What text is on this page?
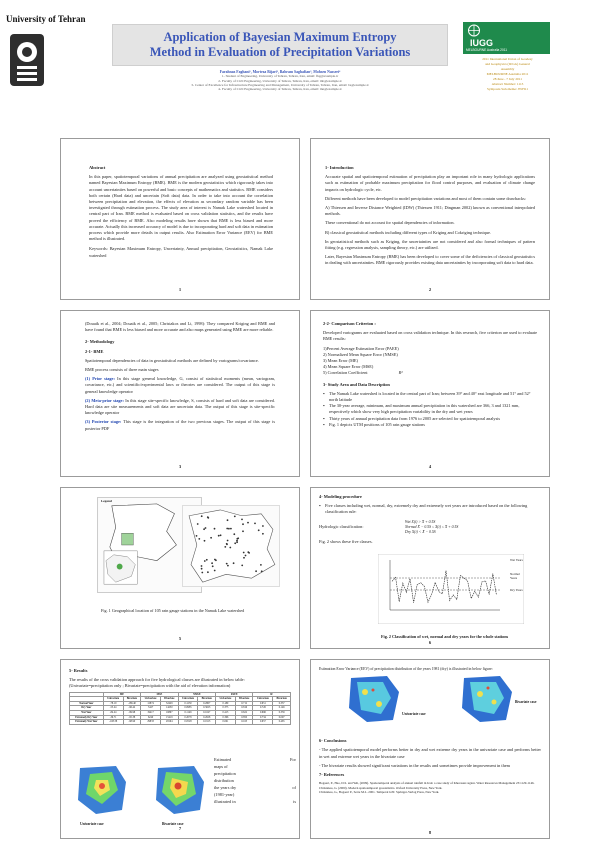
University of Tehran
Application of Bayesian Maximum Entropy
Method in Evaluation of Precipitation Variations
Farahnaz Faghani¹, Morteza Bijari², Bahram Saghafian³, Mohsen Nasseri⁴
1- Student of Engineering, University of Tehran, Tehran, Iran, email: fhg@example.ir
2- Faculty of Civil Engineering, University of Tehran, Tehran, Iran, email: mb@example.ir
3- Center of Excellence for Infrastructure Engineering and Management, University of Tehran, Tehran, Iran, email: bs@example.ir
4- Faculty of Civil Engineering, University of Tehran, Tehran, Iran, email: mn@example.ir
IUGG
MELBOURNE Australia 2011
2011 International Union of Geodesy
and Geophysics (IUGG) General
Assembly
MELBOURNE Australia 2011
28 June - 7 July 2011
Abstract Number: 1113
Symposia Sub-theme: JWH11
Abstract

In this paper, spatiotemporal variations of annual precipitation are analyzed using geostatistical method named Bayesian Maximum Entropy (BME). BME is the modern geostatistics which rigorously takes into account uncertainties based on powerful and basic concepts of mathematics and statistics. BME considers both certain (Hard data) and uncertain (Soft data) data. In order to take into account the correlation between precipitation and elevation, the effects of elevation as secondary random variable has been investigated through estimation process. The study area of interest is Namak Lake watershed located in central part of Iran. BME method is evaluated based on cross validation statistics, and the results have proved the efficiency of BME. Also modeling results have shown that BME is less biased and more accurate. Actually this increased accuracy of model is due to incorporating hard and soft data in estimation process which provide more details in output results. Also Estimation Error Variance (EEV) for BME method is illustrated.

Keywords: Bayesian Maximum Entropy, Uncertainty, Annual precipitation, Geostatistics, Namak Lake watershed

1
1- Introduction

Accurate spatial and spatiotemporal estimation of precipitation play an important role in many hydrologic applications such as estimation of probable maximum precipitation for flood control purposes, and evaluation of climate change impacts on hydrologic cycle, etc.

Different methods have been developed to model precipitation variations and most of them contain some drawbacks:

A) Thiessen and Inverse Distance Weighted (IDW) (Thiessen 1911; Dingman 2002) known as conventional interpolated methods.

These conventional do not account for spatial dependencies of information.

B) classical geostatistical methods including different types of Kriging and Cokriging technique.

In geostatistical methods such as Kriging, the uncertainties are not considered and also formal techniques of pattern fitting (e.g. regression analysis, sampling theory, etc.) are utilized.

Later, Bayesian Maximum Entropy (BME) has been developed to cover some of the deficiencies of classical geostatistics in dealing with uncertainties. BME rigorously provides existing data uncertainties by incorporating soft data to hard data.

2

(Douaik et al., 2004; Douaik et al., 2005; Christakos and Li, 1998): They compared Kriging and BME and have found that BME is less biased and more accurate and also maps generated using BME are more reliable.

2- Methodology
2-1- BME

Spatiotemporal dependencies of data in geostatistical methods are defined by variograms/covariance.

BME process consists of three main stages

(1) Prior stage: In this stage general knowledge, G, consist of statistical moments (mean, variogram, covariance, etc.) and scientific/experimental laws or theories are considered. The output of this stage is general knowledge operator

(2) Meta-prior stage: In this stage site-specific knowledge, S, consists of hard and soft data are considered. Hard data are site measurements and soft data are uncertain data. The output of this stage is site-specific knowledge operator

(3) Posterior stage: This stage is the integration of the two previous stages. The output of this stage is posterior PDF

3
2-2- Comparison Criterion :

Developed variograms are evaluated based on cross validation technique. In this research, five criterion are used to evaluate BME results:

1)Percent Average Estimation Error (PAEE)
2) Normalized Mean Square Error (NMSE)
3) Mean Error (ME)
4) Mean Square Error (MSE)
5) Correlation Coefficient	R²
3- Study Area and Data Description
▪ The Namak Lake watershed is located in the central part of Iran; between 39° and 40° east longitude and 51° and 52° north latitude
▪ The 30-year average, minimum, and maximum annual precipitation in this watershed are 366, 3 and 1321 mm, respectively which show very high precipitation variability in the dry and wet years
▪ Thirty years of annual precipitation data from 1976 to 2005 are selected for spatiotemporal analysis
▪ Fig. 1 depicts UTM positions of 105 rain gauge stations
4
5
Fig. 1 Geographical location of 105 rain gauge stations in the Namak Lake watershed
Legend
4- Modeling procedure
▪ Five classes including wet, normal, dry, extremely dry and extremely wet years are introduced based on the following classification rule:
Hydrologic classification:
Wet X(i) > X̄ + 0.5S
Normal X̄ − 0.5S ≤ X(i) ≤ X̄ + 0.5S
Dry X(i) < X̄ − 0.5S
Fig. 2 shows these five classes.
Fig. 2 Classification of wet, normal and dry years for the whole stations
6
Wet Years
Normal Years
Dry Years
5- Results
The results of the cross validation approach for five hydrological classes are illustrated in below table:
(Univariate=precipitation only ; Bivariate=precipitation with the aid of elevation information)
	ME		MSE		NMSE		PAEE		R²	
	Univariate	Bivariate	Univariate	Bivariate	Univariate	Bivariate	Univariate	Bivariate	Univariate	Bivariate
Normal Year	-78.19	-186.40	12874	32429	0.1230	0.2867	0.189	0.712	0.651	0.337
Dry Year	-55.24	-96.42	5427	14230	0.0985	0.3023	0.375	0.816	0.726	0.146
Wet Year	-84.24	-99.98	19417	16897	0.1146	0.1047	0.413	0.622	0.696	0.359
Extremely Dry Year	-39.71	-95.38	6240	15419	0.2079	0.2628	0.366	0.850	0.734	0.097
Extremely Wet Year	-108.38	-98.90	29833	28194	0.0528	0.1913	0.061	0.163	0.657	0.465
7
Estimated	For
maps of
precipitation
distribution
the years dry	of
(1981-year)
illustrated in	is
Univariate case	Bivariate case
Estimation Error Variance (EEV) of precipitation distribution of the years 1981 (dry) is illustrated in below figure:
6- Conclusions

- The applied spatiotemporal model performs better in dry and wet extreme dry years in the univariate case and performs better in wet and extreme wet years in the bivariate case

- The bivariate results showed significant variations in the results and sometimes provide improvement in them

7- References
Bogaert, P., Hao, D.S. and Yeh, (2009). Spatiotemporal analysis of annual rainfall in Iran: a case study of Khorasan region. Water Resources Management 23:1129-1146.
Christakos, G. (2000). Modern spatiotemporal geostatistics. Oxford University Press, New York.
Christakos, G., Bogaert P., Serre M.L. 2001. Temporal GIS: Springer-Verlag Press, New York.
8
Univariate case
Bivariate case
